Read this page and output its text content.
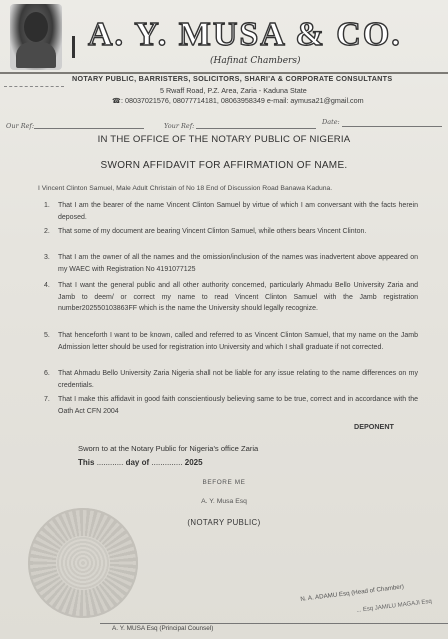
A. Y. MUSA & CO.
(Hafinat Chambers)
NOTARY PUBLIC, BARRISTERS, SOLICITORS, SHARI'A & CORPORATE CONSULTANTS
5 Rwaff Road, P.Z. Area, Zaria - Kaduna State
☎: 08037021576, 08077714181, 08063958349 e-mail: aymusa21@gmail.com
Our Ref:	Your Ref:	Date:
IN THE OFFICE OF THE NOTARY PUBLIC OF NIGERIA
SWORN AFFIDAVIT FOR AFFIRMATION OF NAME.
I Vincent Clinton Samuel, Male Adult Christain of No 18 End of Discussion Road Banawa Kaduna.
1. That I am the bearer of the name Vincent Clinton Samuel by virtue of which I am conversant with the facts herein deposed.
2. That some of my document are bearing Vincent Clinton Samuel, while others bears Vincent Clinton.
3. That I am the owner of all the names and the omission/inclusion of the names was inadvertent above appeared on my WAEC with Registration No 4191077125
4. That I want the general public and all other authority concerned, particularly Ahmadu Bello University Zaria and Jamb to deem/ or correct my name to read Vincent Clinton Samuel with the Jamb registration number202550103863FF which is the name the University should legally recognize.
5. That henceforth I want to be known, called and referred to as Vincent Clinton Samuel, that my name on the Jamb Admission letter should be used for registration into University and which I shall graduate if not corrected.
6. That Ahmadu Bello University Zaria Nigeria shall not be liable for any issue relating to the name differences on my credentials.
7. That I make this affidavit in good faith conscientiously believing same to be true, correct and in accordance with the Oath Act CFN 2004
DEPONENT
Sworn to at the Notary Public for Nigeria's office Zaria
This ............ day of .............. 2025
BEFORE ME
A. Y. Musa Esq
(NOTARY PUBLIC)
N. A. ADAMU Esq (Head of Chamber)
... Esq JAMILU MAGAJI Esq
A. Y. MUSA Esq (Principal Counsel)
